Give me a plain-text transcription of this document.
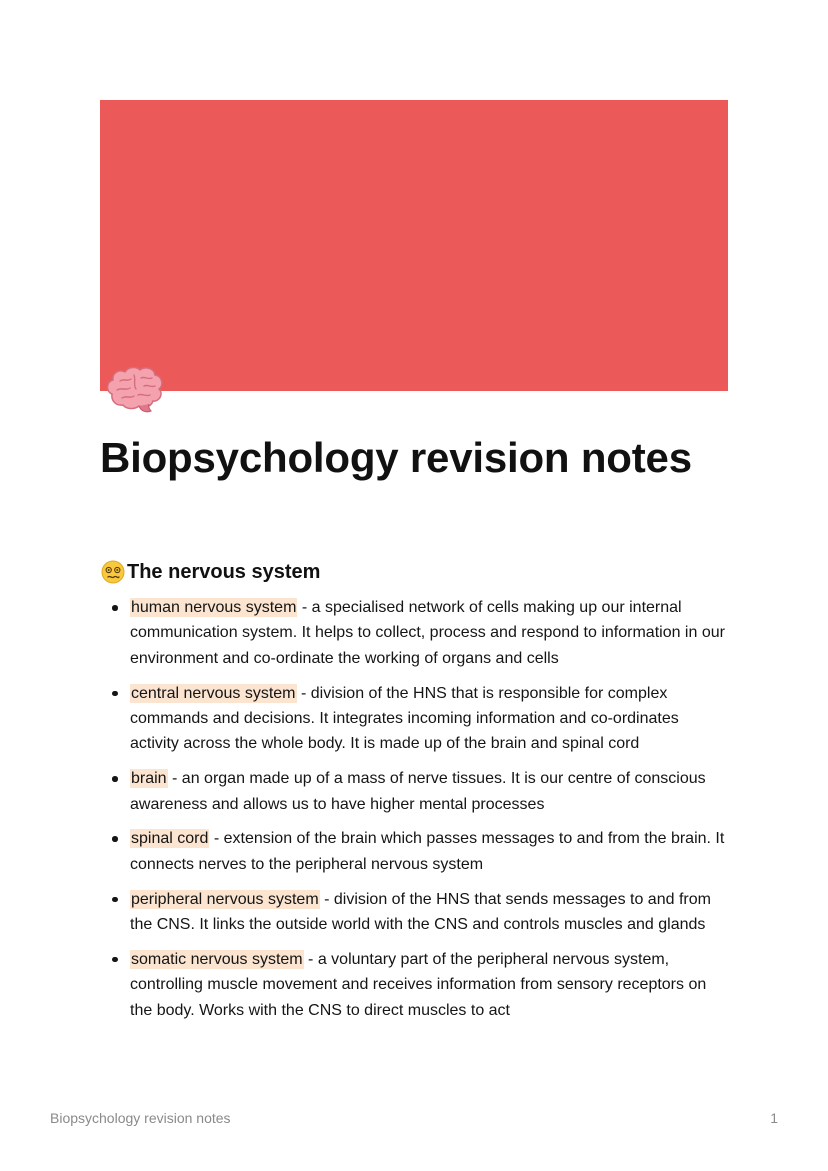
Biopsychology revision notes
The nervous system
human nervous system - a specialised network of cells making up our internal communication system. It helps to collect, process and respond to information in our environment and co-ordinate the working of organs and cells
central nervous system - division of the HNS that is responsible for complex commands and decisions. It integrates incoming information and co-ordinates activity across the whole body. It is made up of the brain and spinal cord
brain - an organ made up of a mass of nerve tissues. It is our centre of conscious awareness and allows us to have higher mental processes
spinal cord - extension of the brain which passes messages to and from the brain. It connects nerves to the peripheral nervous system
peripheral nervous system - division of the HNS that sends messages to and from the CNS. It links the outside world with the CNS and controls muscles and glands
somatic nervous system - a voluntary part of the peripheral nervous system, controlling muscle movement and receives information from sensory receptors on the body. Works with the CNS to direct muscles to act
Biopsychology revision notes	1
